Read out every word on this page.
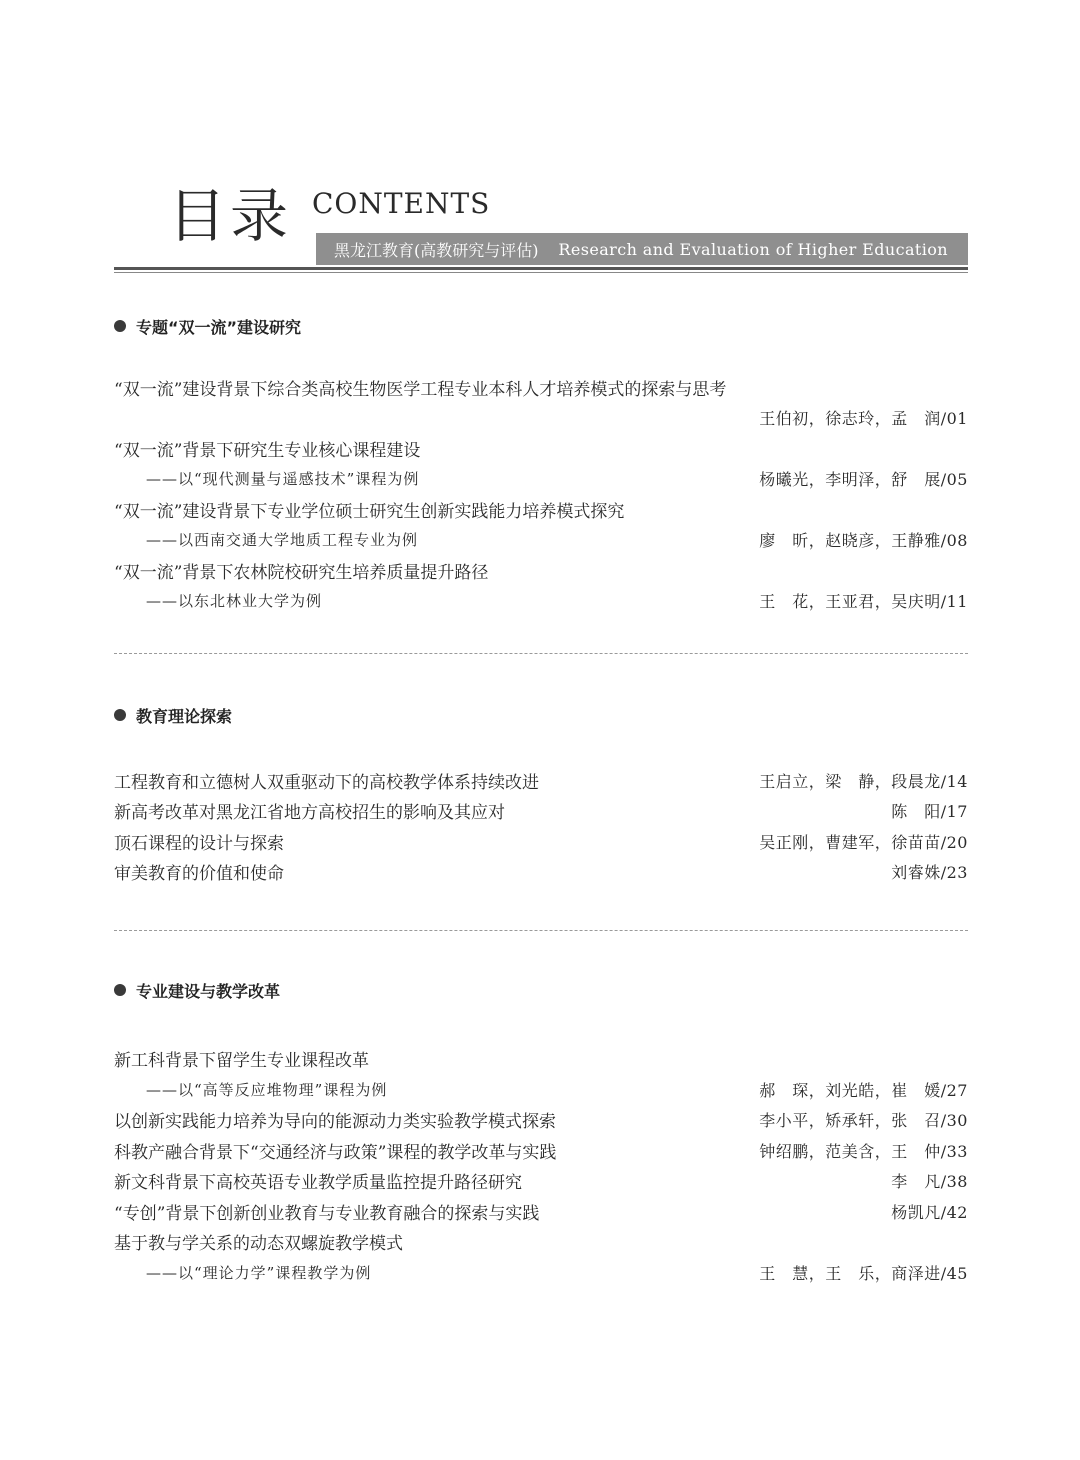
目录 CONTENTS
黑龙江教育(高教研究与评估) Research and Evaluation of Higher Education
专题“双一流”建设研究
“双一流”建设背景下综合类高校生物医学工程专业本科人才培养模式的探索与思考
王伯初，徐志玲，孟　润/01
“双一流”背景下研究生专业核心课程建设
——以“现代测量与遥感技术”课程为例	杨曦光，李明泽，舒　展/05
“双一流”建设背景下专业学位硕士研究生创新实践能力培养模式探究
——以西南交通大学地质工程专业为例	廖　昕，赵晓彦，王静雅/08
“双一流”背景下农林院校研究生培养质量提升路径
——以东北林业大学为例	王　花，王亚君，吴庆明/11
教育理论探索
工程教育和立德树人双重驱动下的高校教学体系持续改进	王启立，梁　静，段晨龙/14
新高考改革对黑龙江省地方高校招生的影响及其应对	陈　阳/17
顶石课程的设计与探索	吴正刚，曹建军，徐苗苗/20
审美教育的价值和使命	刘睿姝/23
专业建设与教学改革
新工科背景下留学生专业课程改革
——以“高等反应堆物理”课程为例	郝　琛，刘光皓，崔　媛/27
以创新实践能力培养为导向的能源动力类实验教学模式探索	李小平，矫承轩，张　召/30
科教产融合背景下“交通经济与政策”课程的教学改革与实践	钟绍鹏，范美含，王　仲/33
新文科背景下高校英语专业教学质量监控提升路径研究	李　凡/38
“专创”背景下创新创业教育与专业教育融合的探索与实践	杨凯凡/42
基于教与学关系的动态双螺旋教学模式
——以“理论力学”课程教学为例	王　慧，王　乐，商泽进/45
